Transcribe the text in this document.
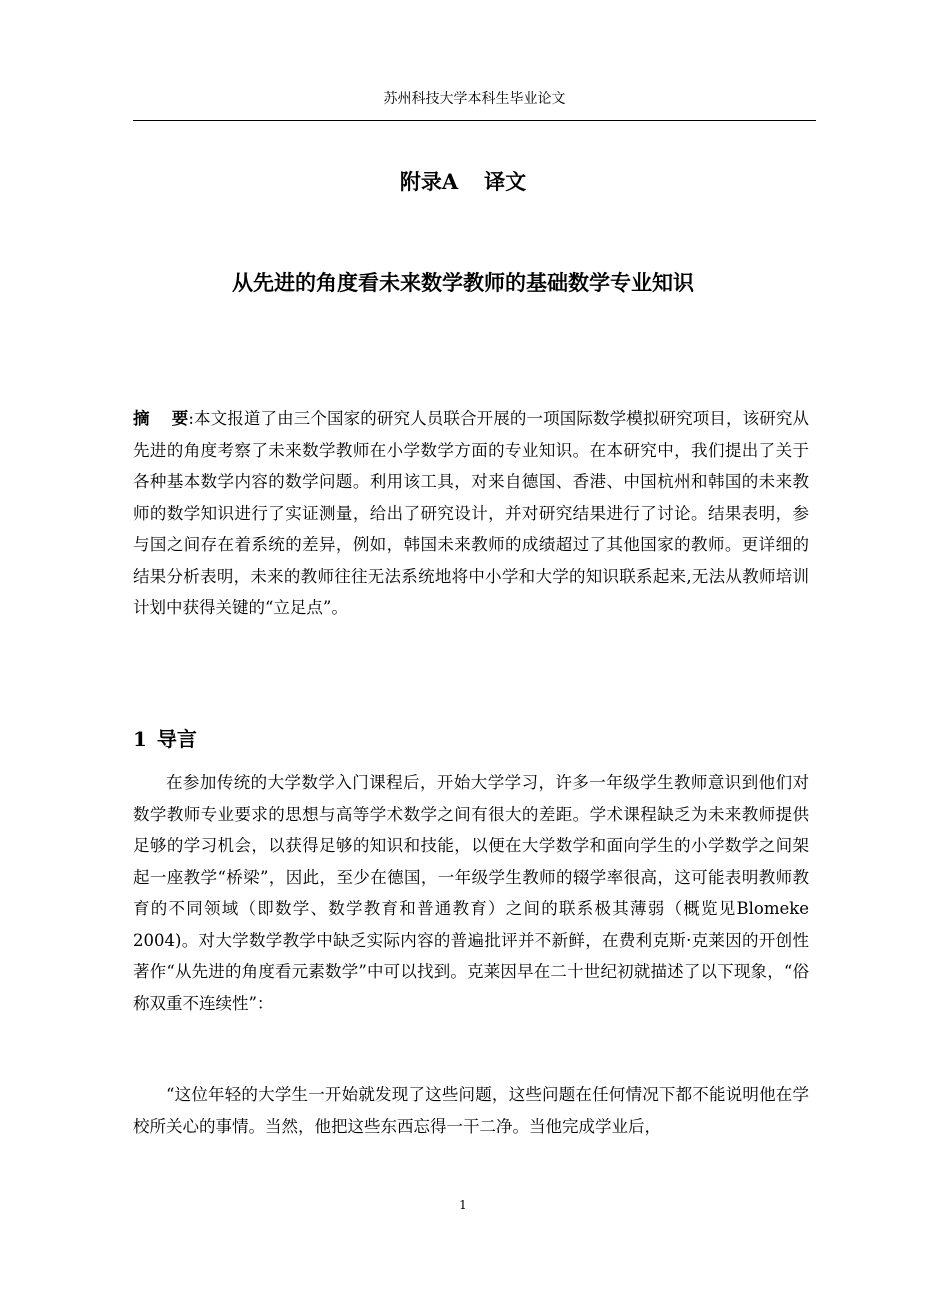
苏州科技大学本科生毕业论文
附录A 译文
从先进的角度看未来数学教师的基础数学专业知识
摘 要:本文报道了由三个国家的研究人员联合开展的一项国际数学模拟研究项目，该研究从先进的角度考察了未来数学教师在小学数学方面的专业知识。在本研究中，我们提出了关于各种基本数学内容的数学问题。利用该工具，对来自德国、香港、中国杭州和韩国的未来教师的数学知识进行了实证测量，给出了研究设计，并对研究结果进行了讨论。结果表明，参与国之间存在着系统的差异，例如，韩国未来教师的成绩超过了其他国家的教师。更详细的结果分析表明，未来的教师往往无法系统地将中小学和大学的知识联系起来,无法从教师培训计划中获得关键的“立足点”。
1 导言
在参加传统的大学数学入门课程后，开始大学学习，许多一年级学生教师意识到他们对数学教师专业要求的思想与高等学术数学之间有很大的差距。学术课程缺乏为未来教师提供足够的学习机会，以获得足够的知识和技能，以便在大学数学和面向学生的小学数学之间架起一座教学“桥梁”，因此，至少在德国，一年级学生教师的辍学率很高，这可能表明教师教育的不同领域（即数学、数学教育和普通教育）之间的联系极其薄弱（概览见Blomeke 2004)。对大学数学教学中缺乏实际内容的普遍批评并不新鲜，在费利克斯·克莱因的开创性著作“从先进的角度看元素数学”中可以找到。克莱因早在二十世纪初就描述了以下现象，“俗称双重不连续性”：
“这位年轻的大学生一开始就发现了这些问题，这些问题在任何情况下都不能说明他在学校所关心的事情。当然，他把这些东西忘得一干二净。当他完成学业后，
1
